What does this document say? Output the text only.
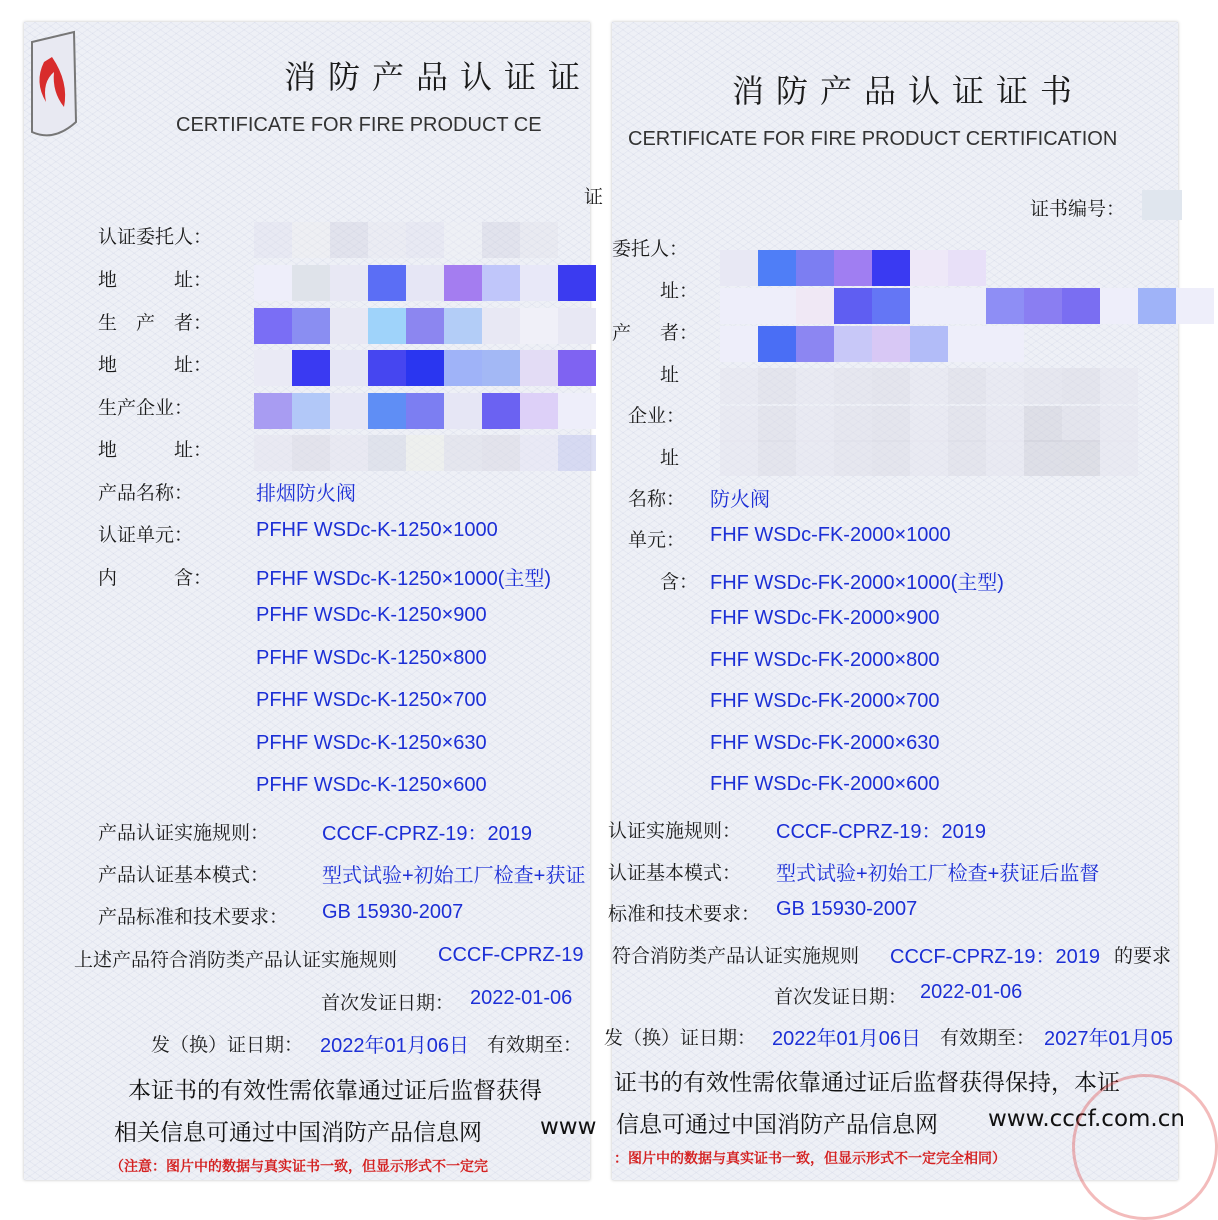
消防产品认证证
CERTIFICATE FOR FIRE PRODUCT CE
证
认证委托人：
地　　　址：
生　产　者：
地　　　址：
生产企业：
地　　　址：
产品名称：	排烟防火阀
认证单元：	PFHF WSDc-K-1250×1000
内　　　含： PFHF WSDc-K-1250×1000(主型)
PFHF WSDc-K-1250×900
PFHF WSDc-K-1250×800
PFHF WSDc-K-1250×700
PFHF WSDc-K-1250×630
PFHF WSDc-K-1250×600
产品认证实施规则：	CCCF-CPRZ-19：2019
产品认证基本模式：	型式试验+初始工厂检查+获证
产品标准和技术要求： GB 15930-2007
上述产品符合消防类产品认证实施规则 CCCF-CPRZ-19
首次发证日期： 2022-01-06
发（换）证日期： 2022年01月06日 有效期至：
本证书的有效性需依靠通过证后监督获得
相关信息可通过中国消防产品信息网	www
（注意：图片中的数据与真实证书一致，但显示形式不一定完
消防产品认证证书
CERTIFICATE FOR FIRE PRODUCT CERTIFICATION
证书编号：
委托人：
址：
产 者：
址
企业：
址
名称： 防火阀
单元： FHF WSDc-FK-2000×1000
含： FHF WSDc-FK-2000×1000(主型)
FHF WSDc-FK-2000×900
FHF WSDc-FK-2000×800
FHF WSDc-FK-2000×700
FHF WSDc-FK-2000×630
FHF WSDc-FK-2000×600
认证实施规则： CCCF-CPRZ-19：2019
认证基本模式： 型式试验+初始工厂检查+获证后监督
标准和技术要求： GB 15930-2007
符合消防类产品认证实施规则 CCCF-CPRZ-19：2019 的要求
首次发证日期： 2022-01-06
发（换）证日期： 2022年01月06日 有效期至： 2027年01月05
证书的有效性需依靠通过证后监督获得保持，本证
信息可通过中国消防产品信息网 www.cccf.com.cn
：图片中的数据与真实证书一致，但显示形式不一定完全相同）
